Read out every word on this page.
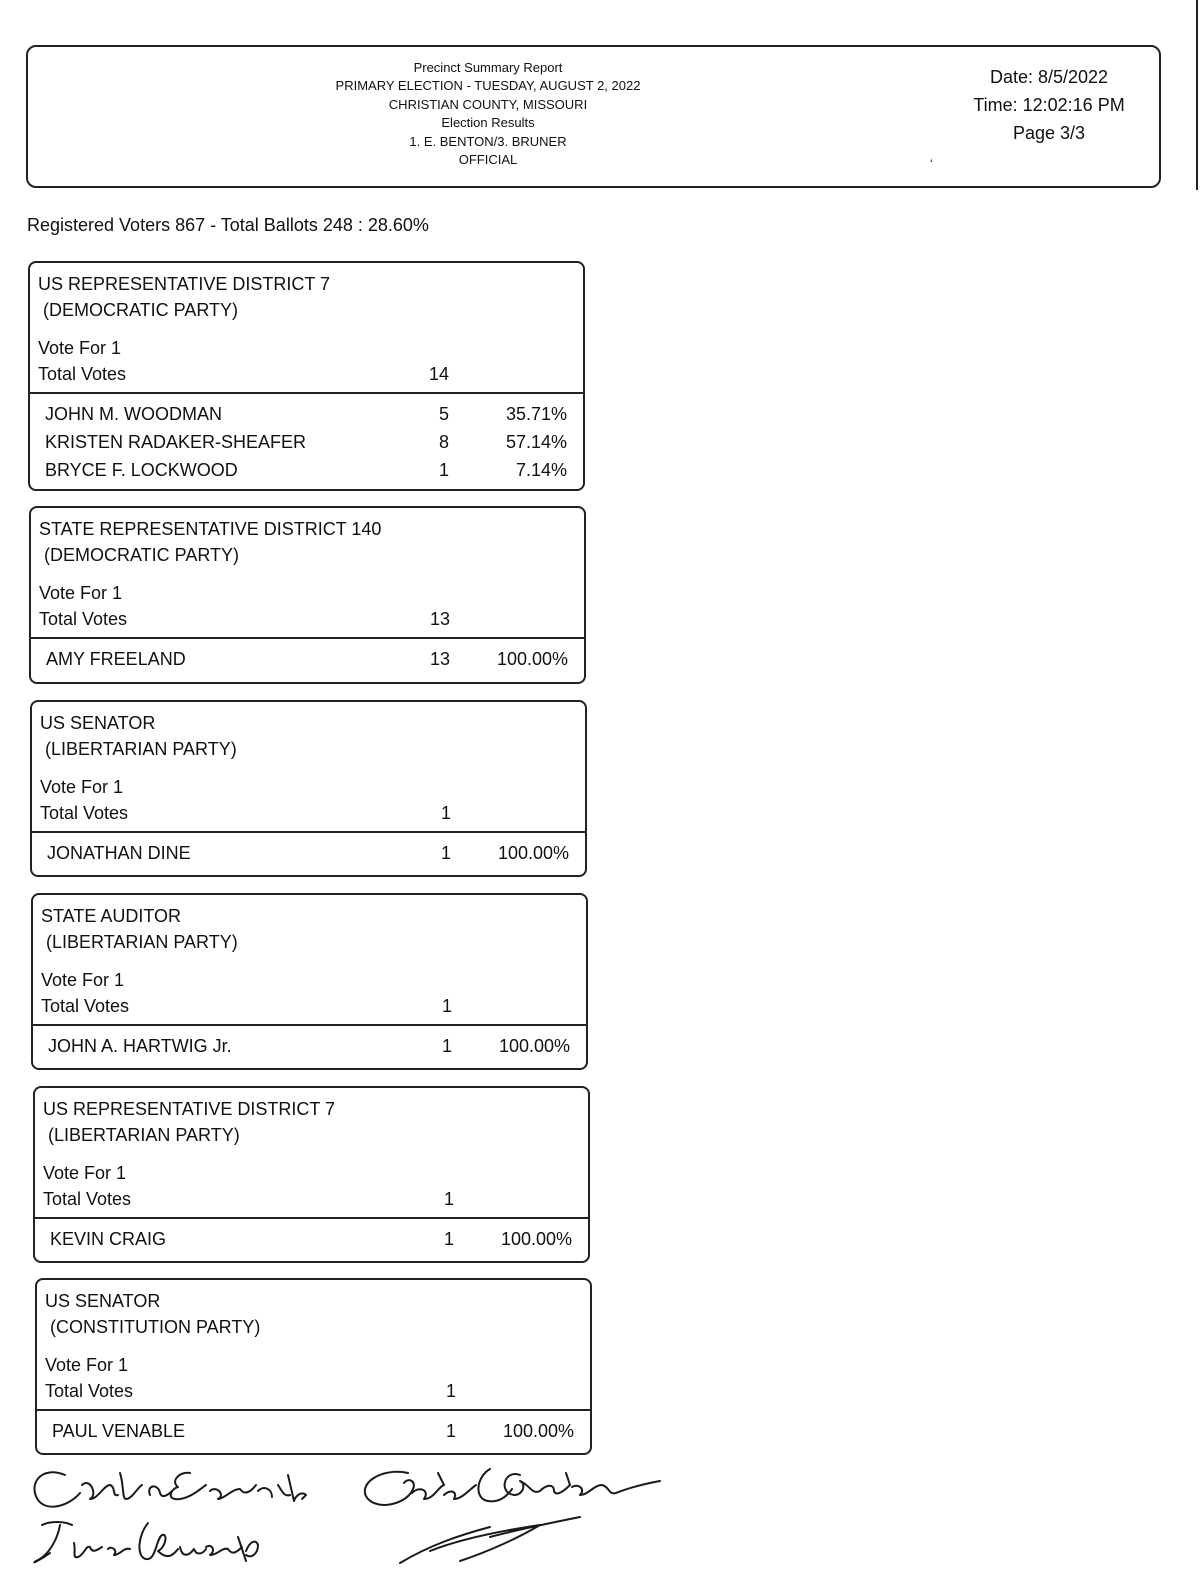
Precinct Summary Report
PRIMARY ELECTION - TUESDAY, AUGUST 2, 2022
CHRISTIAN COUNTY, MISSOURI
Election Results
1. E. BENTON/3. BRUNER
OFFICIAL
Date: 8/5/2022
Time: 12:02:16 PM
Page 3/3
ʻ
Registered Voters 867 - Total Ballots 248 : 28.60%
US REPRESENTATIVE DISTRICT 7
(DEMOCRATIC PARTY)
Vote For 1
Total Votes	14
JOHN M. WOODMAN	5	35.71%
KRISTEN RADAKER-SHEAFER	8	57.14%
BRYCE F. LOCKWOOD	1	7.14%
STATE REPRESENTATIVE DISTRICT 140
(DEMOCRATIC PARTY)
Vote For 1
Total Votes	13
AMY FREELAND	13	100.00%
US SENATOR
(LIBERTARIAN PARTY)
Vote For 1
Total Votes	1
JONATHAN DINE	1	100.00%
STATE AUDITOR
(LIBERTARIAN PARTY)
Vote For 1
Total Votes	1
JOHN A. HARTWIG Jr.	1	100.00%
US REPRESENTATIVE DISTRICT 7
(LIBERTARIAN PARTY)
Vote For 1
Total Votes	1
KEVIN CRAIG	1	100.00%
US SENATOR
(CONSTITUTION PARTY)
Vote For 1
Total Votes	1
PAUL VENABLE	1	100.00%
